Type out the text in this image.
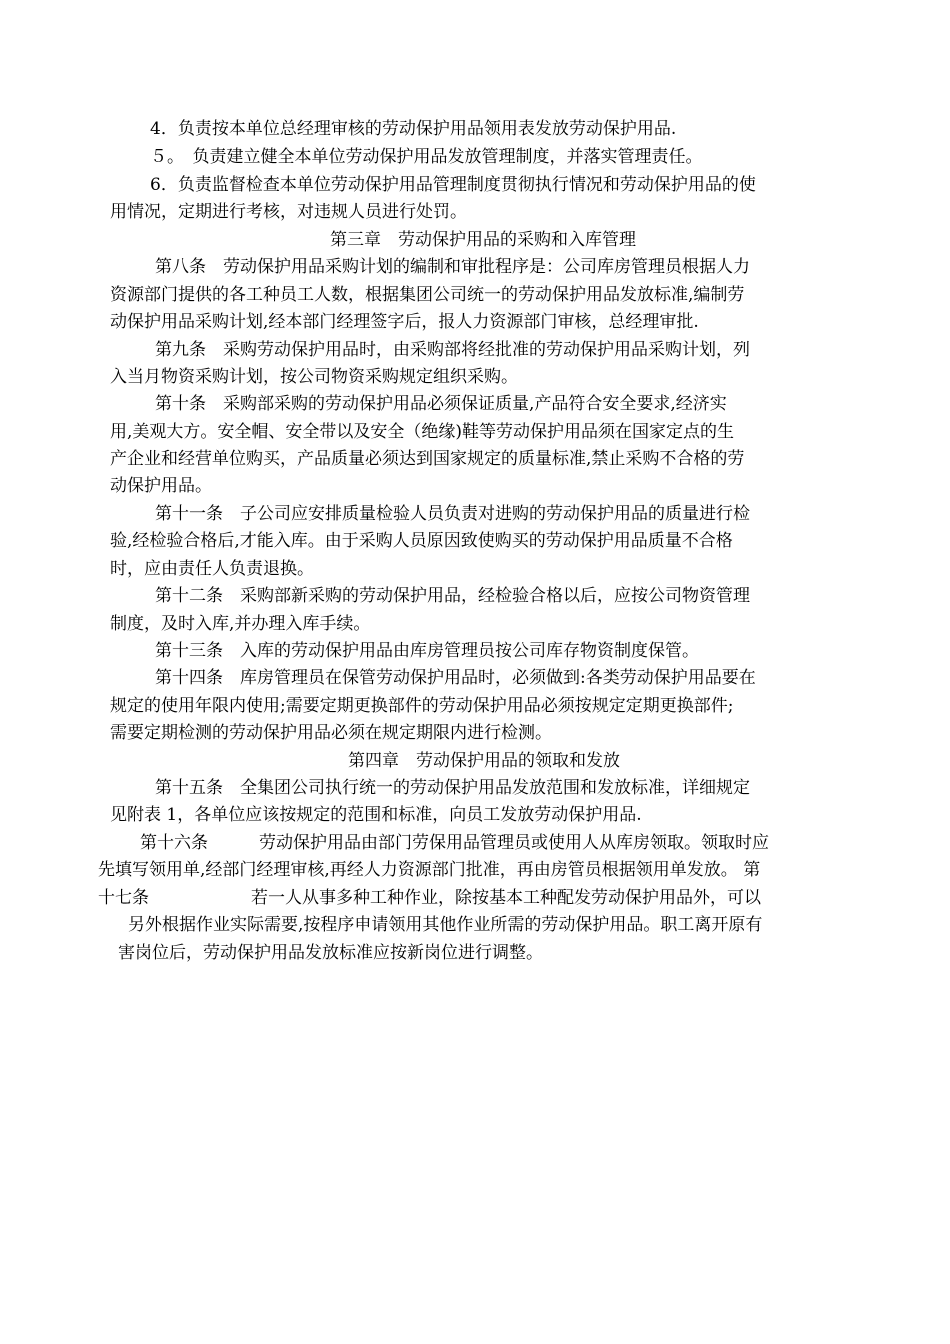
4．负责按本单位总经理审核的劳动保护用品领用表发放劳动保护用品.
５。　负责建立健全本单位劳动保护用品发放管理制度，并落实管理责任。
6．负责监督检查本单位劳动保护用品管理制度贯彻执行情况和劳动保护用品的使
用情况，定期进行考核，对违规人员进行处罚。
第三章　劳动保护用品的采购和入库管理
第八条　劳动保护用品采购计划的编制和审批程序是：公司库房管理员根据人力
资源部门提供的各工种员工人数，根据集团公司统一的劳动保护用品发放标准,编制劳
动保护用品采购计划,经本部门经理签字后，报人力资源部门审核，总经理审批.
第九条　采购劳动保护用品时，由采购部将经批准的劳动保护用品采购计划，列
入当月物资采购计划，按公司物资采购规定组织采购。
第十条　采购部采购的劳动保护用品必须保证质量,产品符合安全要求,经济实
用,美观大方。安全帽、安全带以及安全（绝缘)鞋等劳动保护用品须在国家定点的生
产企业和经营单位购买，产品质量必须达到国家规定的质量标准,禁止采购不合格的劳
动保护用品。
第十一条　子公司应安排质量检验人员负责对进购的劳动保护用品的质量进行检
验,经检验合格后,才能入库。由于采购人员原因致使购买的劳动保护用品质量不合格
时，应由责任人负责退换。
第十二条　采购部新采购的劳动保护用品，经检验合格以后，应按公司物资管理
制度，及时入库,并办理入库手续。
第十三条　入库的劳动保护用品由库房管理员按公司库存物资制度保管。
第十四条　库房管理员在保管劳动保护用品时，必须做到:各类劳动保护用品要在
规定的使用年限内使用;需要定期更换部件的劳动保护用品必须按规定定期更换部件;
需要定期检测的劳动保护用品必须在规定期限内进行检测。
第四章　劳动保护用品的领取和发放
第十五条　全集团公司执行统一的劳动保护用品发放范围和发放标准，详细规定
见附表 1，各单位应该按规定的范围和标准，向员工发放劳动保护用品.
第十六条　　　劳动保护用品由部门劳保用品管理员或使用人从库房领取。领取时应
先填写领用单,经部门经理审核,再经人力资源部门批准，再由房管员根据领用单发放。 第
十七条　　　　　　若一人从事多种工种作业，除按基本工种配发劳动保护用品外，可以
另外根据作业实际需要,按程序申请领用其他作业所需的劳动保护用品。职工离开原有
害岗位后，劳动保护用品发放标准应按新岗位进行调整。
